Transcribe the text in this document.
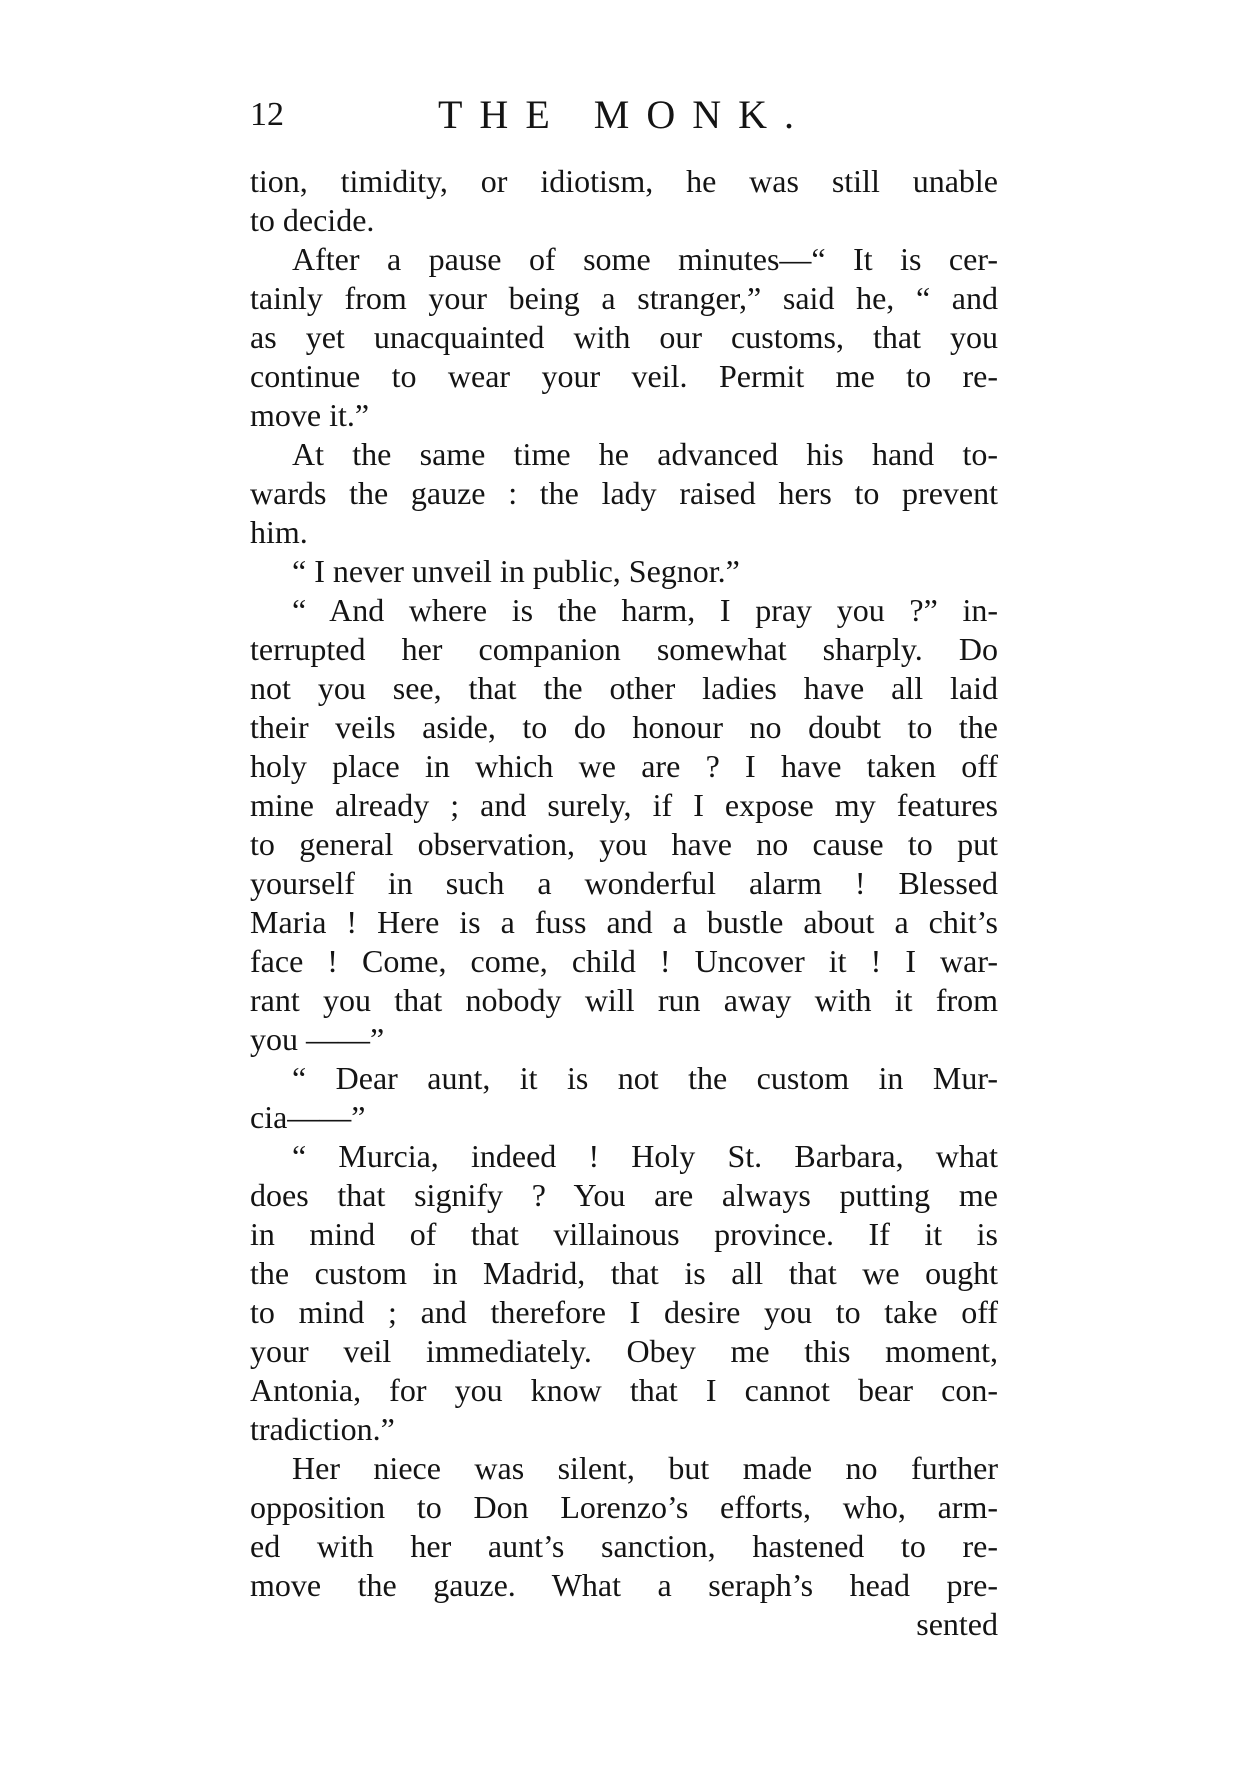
12	THE MONK.
tion, timidity, or idiotism, he was still unable
to decide.
After a pause of some minutes—“ It is cer-
tainly from your being a stranger,” said he, “ and
as yet unacquainted with our customs, that you
continue to wear your veil. Permit me to re-
move it.”
At the same time he advanced his hand to-
wards the gauze : the lady raised hers to prevent
him.
“ I never unveil in public, Segnor.”
“ And where is the harm, I pray you ?” in-
terrupted her companion somewhat sharply. Do
not you see, that the other ladies have all laid
their veils aside, to do honour no doubt to the
holy place in which we are ? I have taken off
mine already ; and surely, if I expose my features
to general observation, you have no cause to put
yourself in such a wonderful alarm ! Blessed
Maria ! Here is a fuss and a bustle about a chit’s
face ! Come, come, child ! Uncover it ! I war-
rant you that nobody will run away with it from
you ——”
“ Dear aunt, it is not the custom in Mur-
cia——”
“ Murcia, indeed ! Holy St. Barbara, what
does that signify ? You are always putting me
in mind of that villainous province. If it is
the custom in Madrid, that is all that we ought
to mind ; and therefore I desire you to take off
your veil immediately. Obey me this moment,
Antonia, for you know that I cannot bear con-
tradiction.”
Her niece was silent, but made no further
opposition to Don Lorenzo’s efforts, who, arm-
ed with her aunt’s sanction, hastened to re-
move the gauze. What a seraph’s head pre-
sented
